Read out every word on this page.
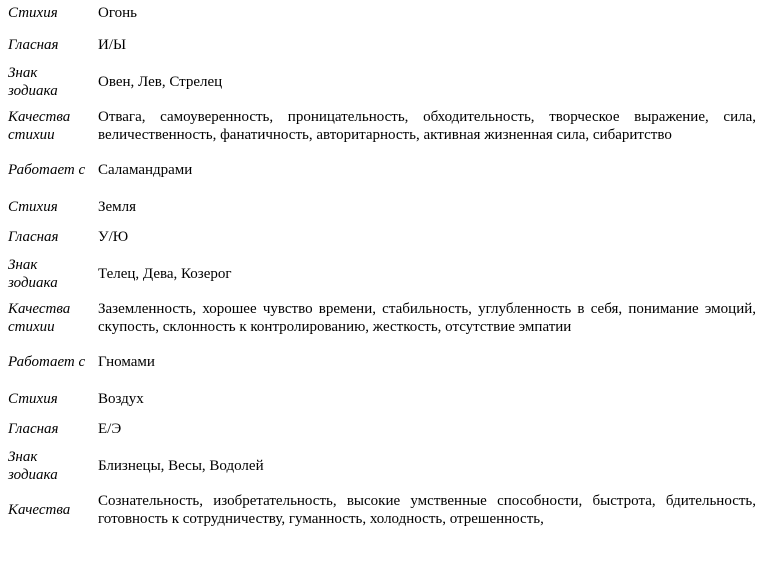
Стихия	Огонь
Гласная	И/Ы
Знак зодиака	Овен, Лев, Стрелец
Качества стихии	Отвага, самоуверенность, проницательность, обходительность, творческое выражение, сила, величественность, фанатичность, авторитарность, активная жизненная сила, сибаритство
Работает с	Саламандрами
Стихия	Земля
Гласная	У/Ю
Знак зодиака	Телец, Дева, Козерог
Качества стихии	Заземленность, хорошее чувство времени, стабильность, углубленность в себя, понимание эмоций, скупость, склонность к контролированию, жесткость, отсутствие эмпатии
Работает с	Гномами
Стихия	Воздух
Гласная	Е/Э
Знак зодиака	Близнецы, Весы, Водолей
Качества	Сознательность, изобретательность, высокие умственные способности, быстрота, бдительность, готовность к сотрудничеству, гуманность, холодность, отрешенность,
